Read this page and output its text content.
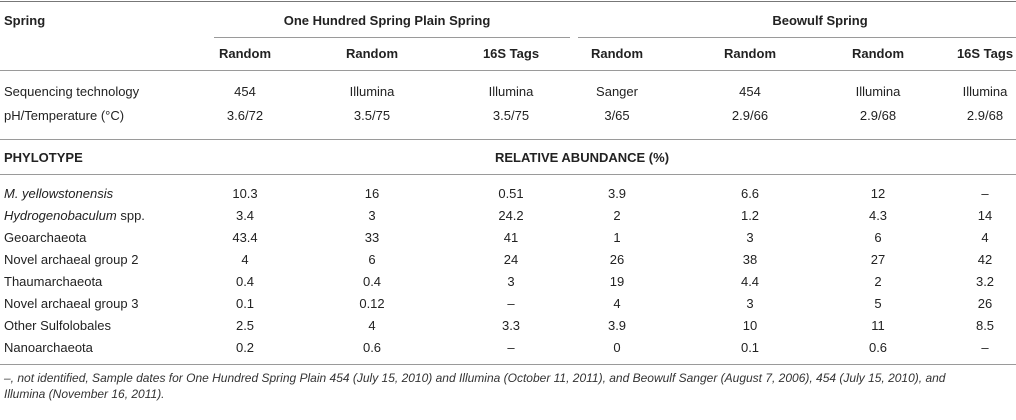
Spring	One Hundred Spring Plain Spring	Beowulf Spring
Random	Random	16S Tags	Random	Random	Random	16S Tags
Sequencing technology	454	Illumina	Illumina	Sanger	454	Illumina	Illumina
pH/Temperature (°C)	3.6/72	3.5/75	3.5/75	3/65	2.9/66	2.9/68	2.9/68
PHYLOTYPE	RELATIVE ABUNDANCE (%)
M. yellowstonensis	10.3	16	0.51	3.9	6.6	12	–
Hydrogenobaculum spp.	3.4	3	24.2	2	1.2	4.3	14
Geoarchaeota	43.4	33	41	1	3	6	4
Novel archaeal group 2	4	6	24	26	38	27	42
Thaumarchaeota	0.4	0.4	3	19	4.4	2	3.2
Novel archaeal group 3	0.1	0.12	–	4	3	5	26
Other Sulfolobales	2.5	4	3.3	3.9	10	11	8.5
Nanoarchaeota	0.2	0.6	–	0	0.1	0.6	–
–, not identified, Sample dates for One Hundred Spring Plain 454 (July 15, 2010) and Illumina (October 11, 2011), and Beowulf Sanger (August 7, 2006), 454 (July 15, 2010), and
Illumina (November 16, 2011).
